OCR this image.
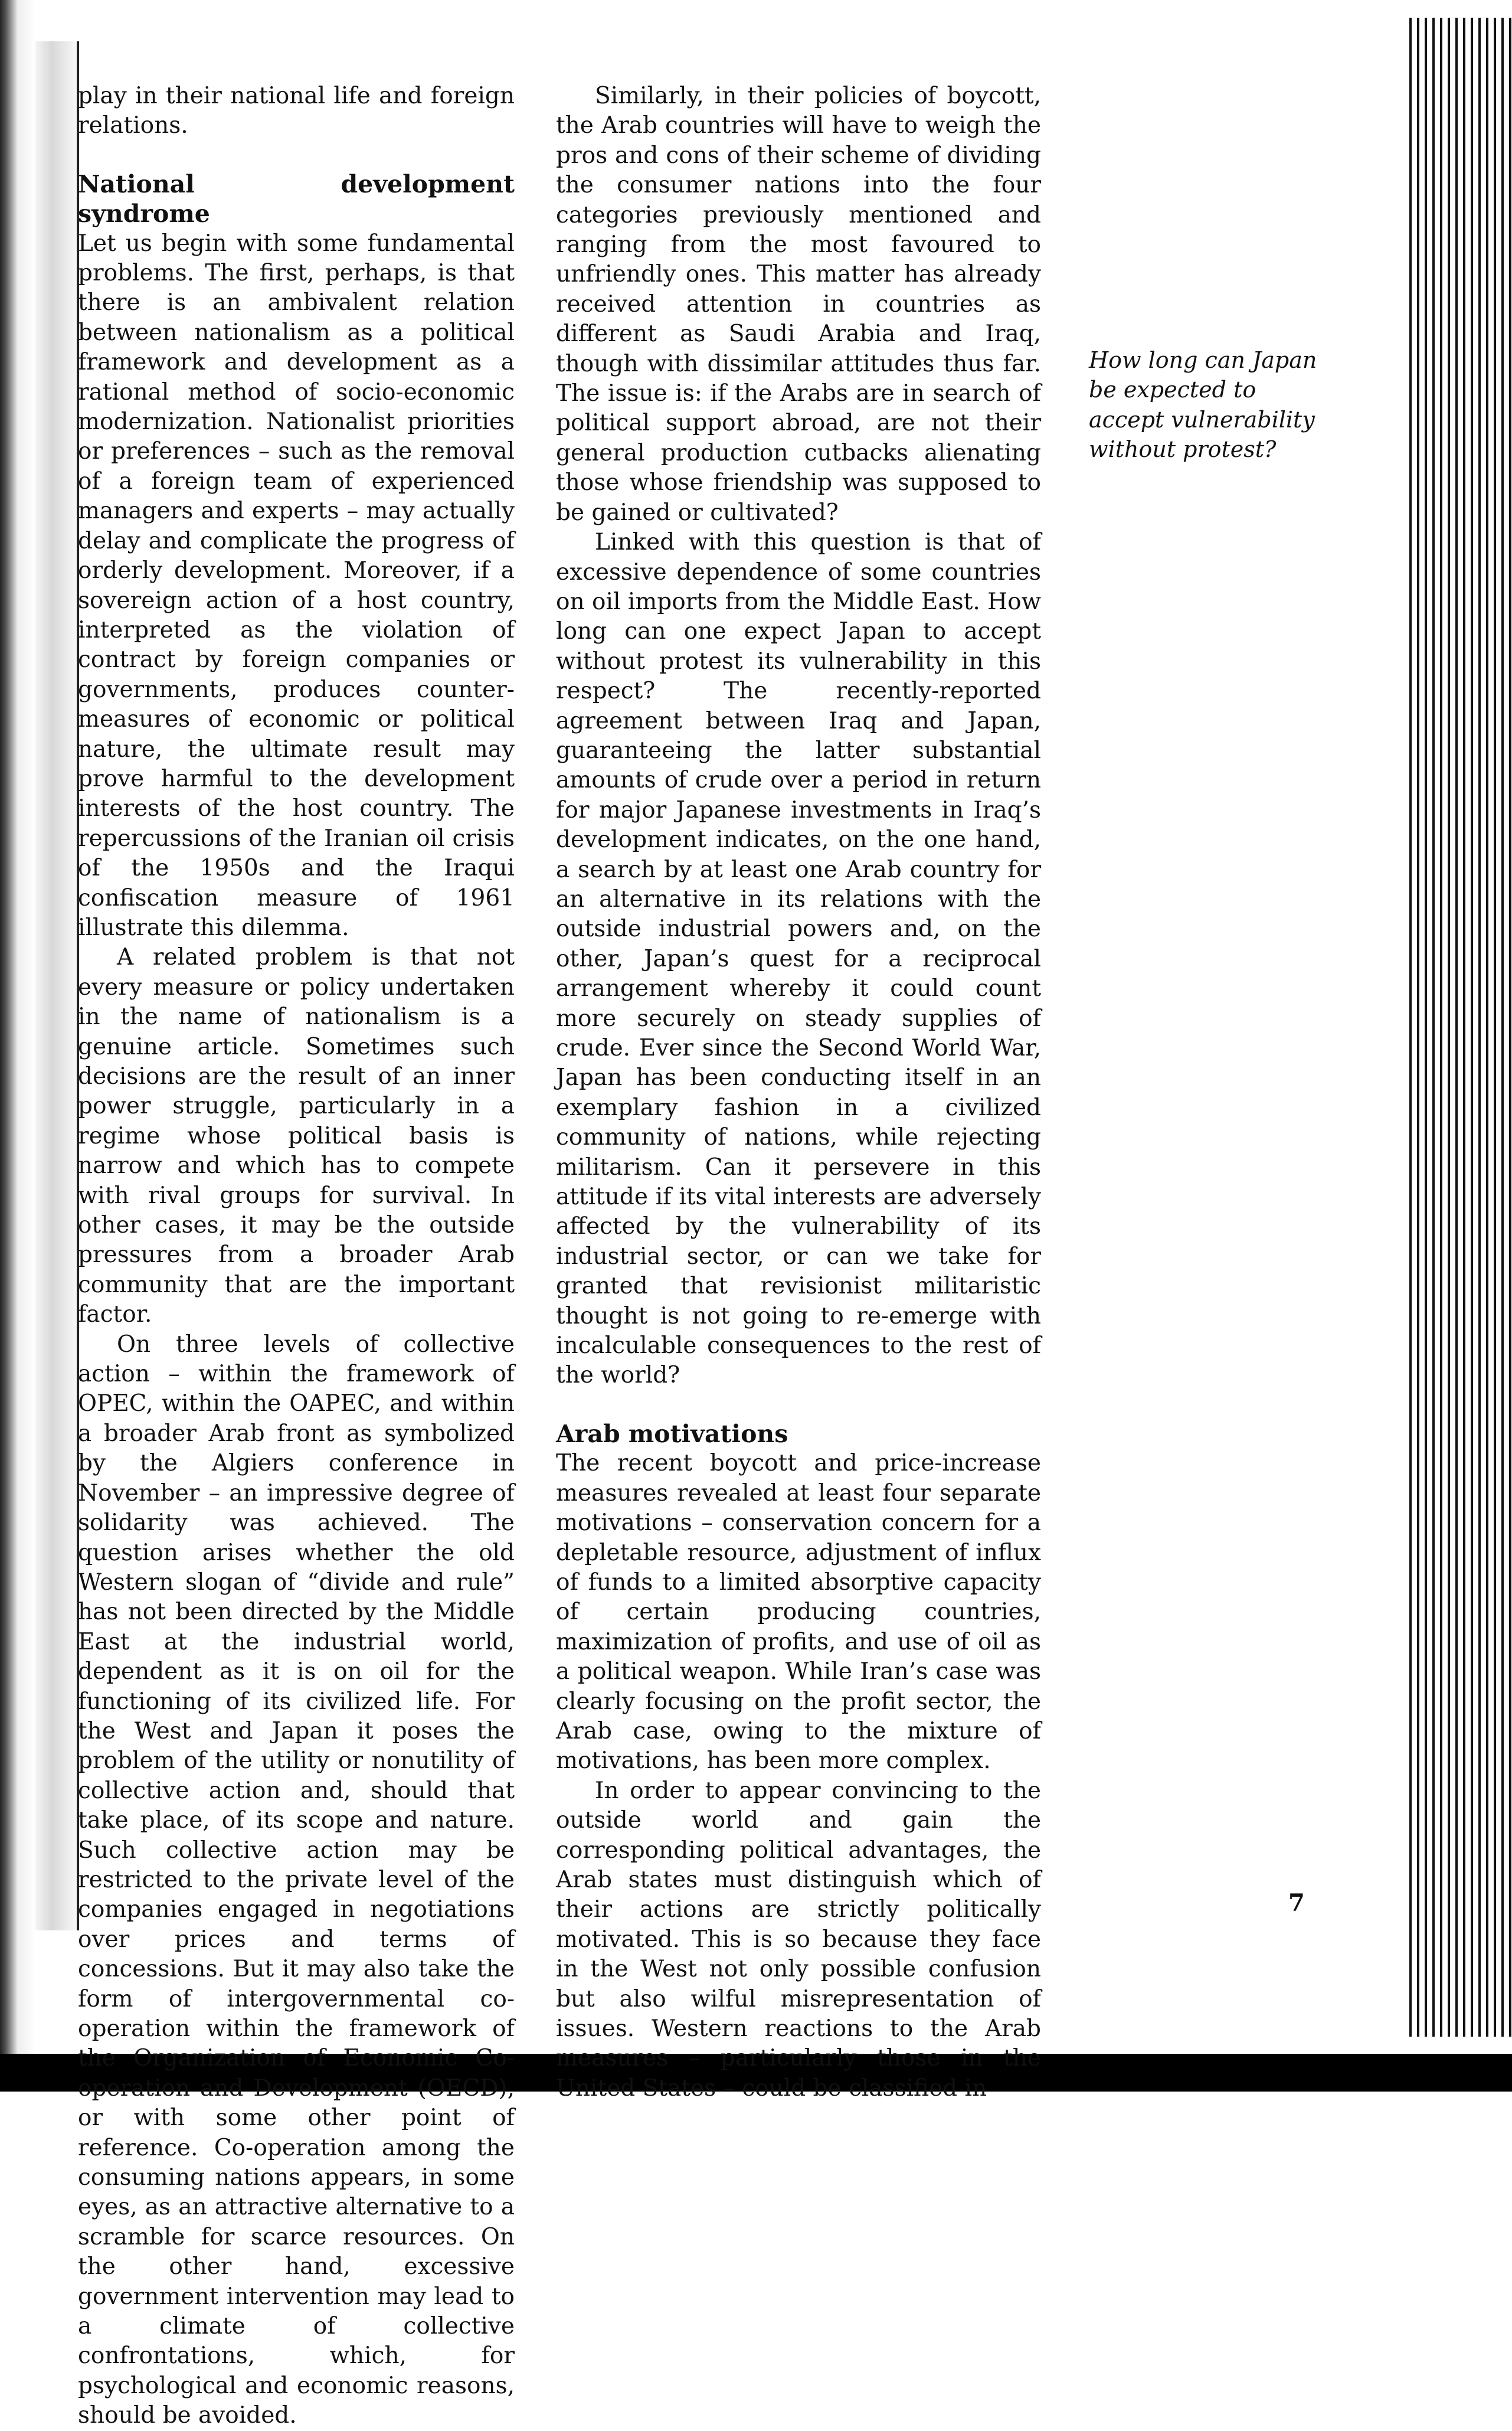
play in their national life and foreign relations.

National development syndrome

Let us begin with some fundamental problems. The first, perhaps, is that there is an ambivalent relation between nationalism as a political framework and development as a rational method of socio-economic modernization. Nationalist priorities or preferences – such as the removal of a foreign team of experienced managers and experts – may actually delay and complicate the progress of orderly development. Moreover, if a sovereign action of a host country, interpreted as the violation of contract by foreign companies or governments, produces counter-measures of economic or political nature, the ultimate result may prove harmful to the development interests of the host country. The repercussions of the Iranian oil crisis of the 1950s and the Iraqui confiscation measure of 1961 illustrate this dilemma.

A related problem is that not every measure or policy undertaken in the name of nationalism is a genuine article. Sometimes such decisions are the result of an inner power struggle, particularly in a regime whose political basis is narrow and which has to compete with rival groups for survival. In other cases, it may be the outside pressures from a broader Arab community that are the important factor.

On three levels of collective action – within the framework of OPEC, within the OAPEC, and within a broader Arab front as symbolized by the Algiers conference in November – an impressive degree of solidarity was achieved. The question arises whether the old Western slogan of “divide and rule” has not been directed by the Middle East at the industrial world, dependent as it is on oil for the functioning of its civilized life. For the West and Japan it poses the problem of the utility or nonutility of collective action and, should that take place, of its scope and nature. Such collective action may be restricted to the private level of the companies engaged in negotiations over prices and terms of concessions. But it may also take the form of intergovernmental co-operation within the framework of the Organization of Economic Co-operation and Development (OECD), or with some other point of reference. Co-operation among the consuming nations appears, in some eyes, as an attractive alternative to a scramble for scarce resources. On the other hand, excessive government intervention may lead to a climate of collective confrontations, which, for psychological and economic reasons, should be avoided.

Similarly, in their policies of boycott, the Arab countries will have to weigh the pros and cons of their scheme of dividing the consumer nations into the four categories previously mentioned and ranging from the most favoured to unfriendly ones. This matter has already received attention in countries as different as Saudi Arabia and Iraq, though with dissimilar attitudes thus far. The issue is: if the Arabs are in search of political support abroad, are not their general production cutbacks alienating those whose friendship was supposed to be gained or cultivated?

Linked with this question is that of excessive dependence of some countries on oil imports from the Middle East. How long can one expect Japan to accept without protest its vulnerability in this respect? The recently-reported agreement between Iraq and Japan, guaranteeing the latter substantial amounts of crude over a period in return for major Japanese investments in Iraq’s development indicates, on the one hand, a search by at least one Arab country for an alternative in its relations with the outside industrial powers and, on the other, Japan’s quest for a reciprocal arrangement whereby it could count more securely on steady supplies of crude. Ever since the Second World War, Japan has been conducting itself in an exemplary fashion in a civilized community of nations, while rejecting militarism. Can it persevere in this attitude if its vital interests are adversely affected by the vulnerability of its industrial sector, or can we take for granted that revisionist militaristic thought is not going to re-emerge with incalculable consequences to the rest of the world?

Arab motivations

The recent boycott and price-increase measures revealed at least four separate motivations – conservation concern for a depletable resource, adjustment of influx of funds to a limited absorptive capacity of certain producing countries, maximization of profits, and use of oil as a political weapon. While Iran’s case was clearly focusing on the profit sector, the Arab case, owing to the mixture of motivations, has been more complex.

In order to appear convincing to the outside world and gain the corresponding political advantages, the Arab states must distinguish which of their actions are strictly politically motivated. This is so because they face in the West not only possible confusion but also wilful misrepresentation of issues. Western reactions to the Arab measures – particularly those in the United States – could be classified in

How long can Japan be expected to accept vulnerability without protest?
7
